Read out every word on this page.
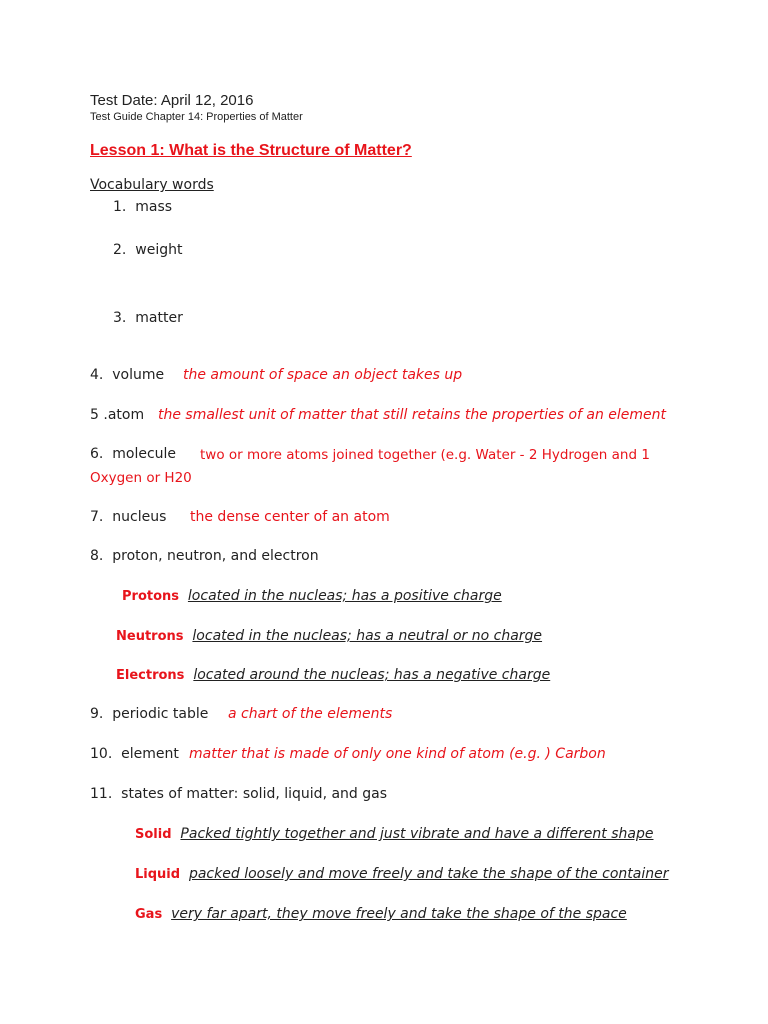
Test Date: April 12, 2016
Test Guide Chapter 14: Properties of Matter
Lesson 1: What is the Structure of Matter?
Vocabulary words
1. mass
2. weight
3. matter
4. volume the amount of space an object takes up
5 .atom the smallest unit of matter that still retains the properties of an element
6. molecule two or more atoms joined together (e.g. Water - 2 Hydrogen and 1
Oxygen or H20
7. nucleus the dense center of an atom
8. proton, neutron, and electron
Protons located in the nucleas; has a positive charge
Neutrons located in the nucleas; has a neutral or no charge
Electrons located around the nucleas; has a negative charge
9. periodic table a chart of the elements
10. element matter that is made of only one kind of atom (e.g. ) Carbon
11. states of matter: solid, liquid, and gas
Solid Packed tightly together and just vibrate and have a different shape
Liquid packed loosely and move freely and take the shape of the container
Gas very far apart, they move freely and take the shape of the space
